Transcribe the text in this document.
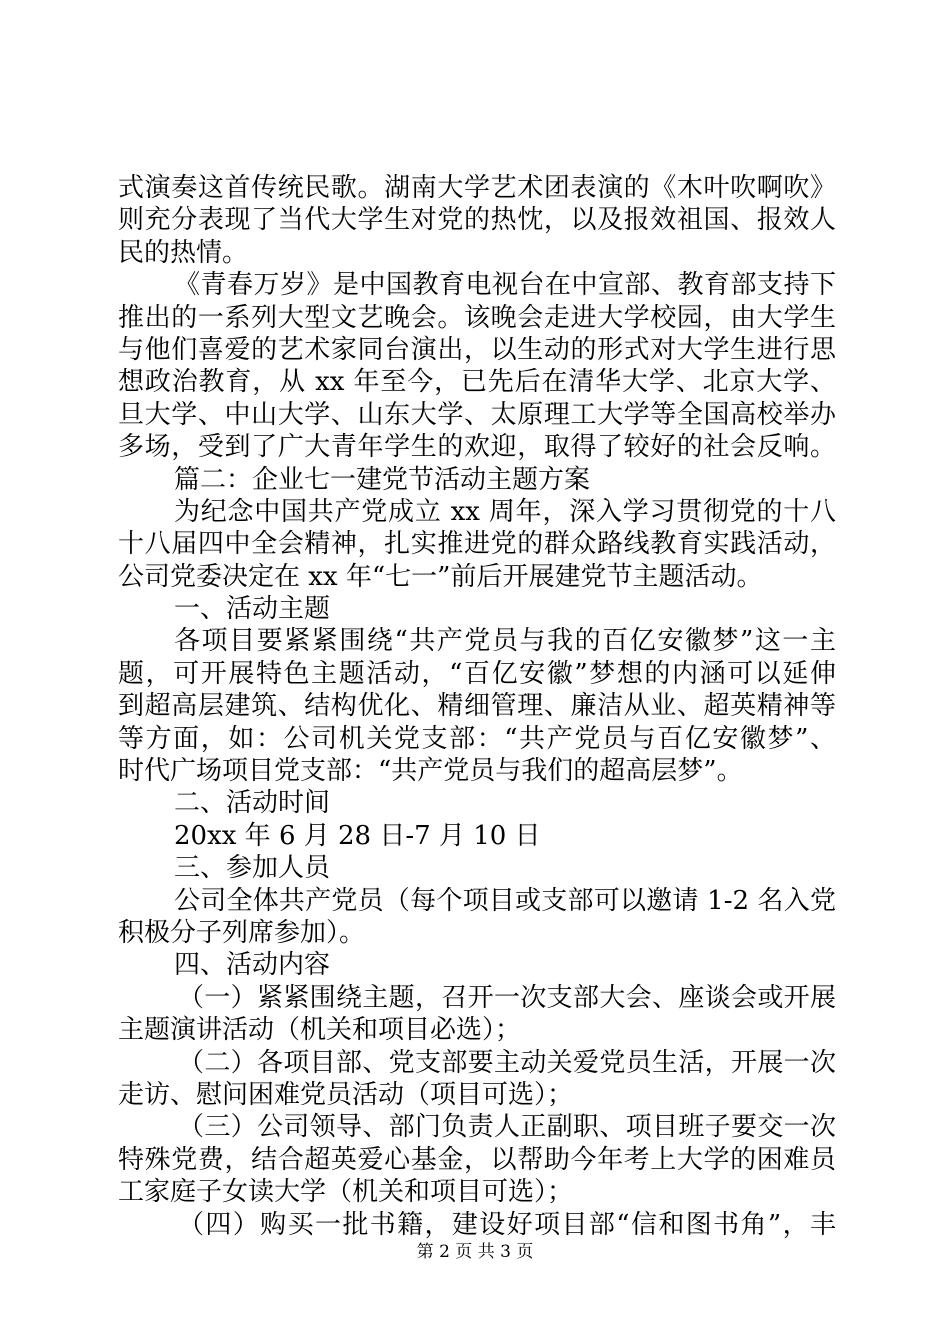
式演奏这首传统民歌。湖南大学艺术团表演的《木叶吹啊吹》
则充分表现了当代大学生对党的热忱，以及报效祖国、报效人
民的热情。
《青春万岁》是中国教育电视台在中宣部、教育部支持下
推出的一系列大型文艺晚会。该晚会走进大学校园，由大学生
与他们喜爱的艺术家同台演出，以生动的形式对大学生进行思
想政治教育，从 xx 年至今，已先后在清华大学、北京大学、
旦大学、中山大学、山东大学、太原理工大学等全国高校举办
多场，受到了广大青年学生的欢迎，取得了较好的社会反响。
篇二：企业七一建党节活动主题方案
为纪念中国共产党成立 xx 周年，深入学习贯彻党的十八
十八届四中全会精神，扎实推进党的群众路线教育实践活动，
公司党委决定在 xx 年“七一”前后开展建党节主题活动。
一、活动主题
各项目要紧紧围绕“共产党员与我的百亿安徽梦”这一主
题，可开展特色主题活动，“百亿安徽”梦想的内涵可以延伸
到超高层建筑、结构优化、精细管理、廉洁从业、超英精神等
等方面，如：公司机关党支部：“共产党员与百亿安徽梦”、
时代广场项目党支部：“共产党员与我们的超高层梦”。
二、活动时间
20xx 年 6 月 28 日-7 月 10 日
三、参加人员
公司全体共产党员（每个项目或支部可以邀请 1-2 名入党
积极分子列席参加）。
四、活动内容
（一）紧紧围绕主题，召开一次支部大会、座谈会或开展
主题演讲活动（机关和项目必选）；
（二）各项目部、党支部要主动关爱党员生活，开展一次
走访、慰问困难党员活动（项目可选）；
（三）公司领导、部门负责人正副职、项目班子要交一次
特殊党费，结合超英爱心基金，以帮助今年考上大学的困难员
工家庭子女读大学（机关和项目可选）；
（四）购买一批书籍，建设好项目部“信和图书角”，丰
第 2 页 共 3 页
